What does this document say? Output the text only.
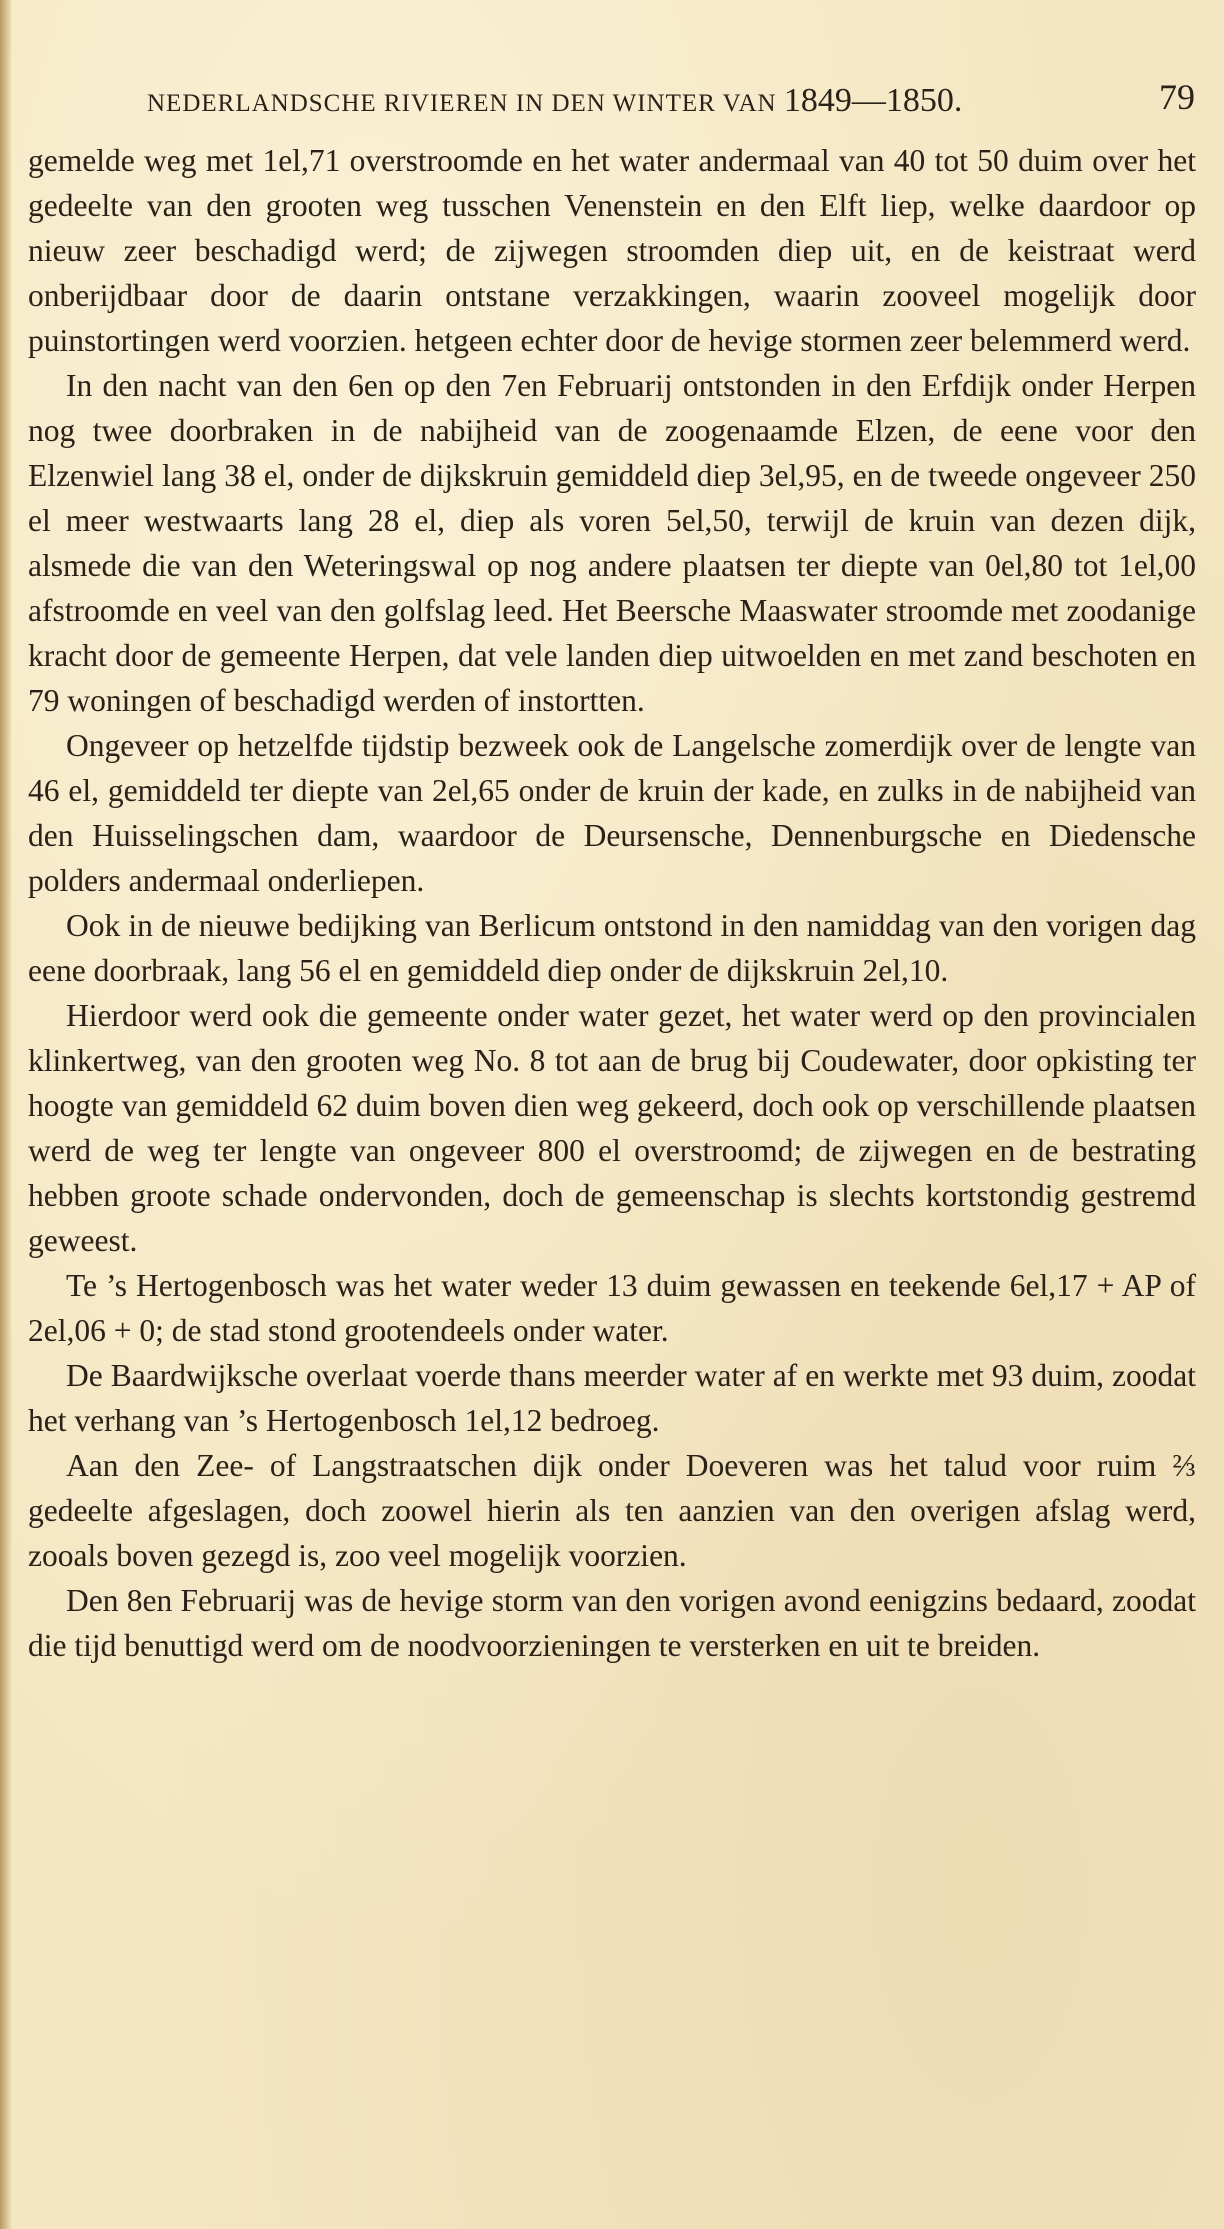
NEDERLANDSCHE RIVIEREN IN DEN WINTER VAN 1849—1850.	79

gemelde weg met 1el,71 overstroomde en het water andermaal van 40 tot 50 duim over het gedeelte van den grooten weg tusschen Venenstein en den Elft liep, welke daardoor op nieuw zeer beschadigd werd; de zijwegen stroomden diep uit, en de keistraat werd onberijdbaar door de daarin ontstane verzakkingen, waarin zooveel mogelijk door puinstortingen werd voorzien. hetgeen echter door de hevige stormen zeer belemmerd werd.

In den nacht van den 6en op den 7en Februarij ontstonden in den Erfdijk onder Herpen nog twee doorbraken in de nabijheid van de zoogenaamde Elzen, de eene voor den Elzenwiel lang 38 el, onder de dijkskruin gemiddeld diep 3el,95, en de tweede ongeveer 250 el meer westwaarts lang 28 el, diep als voren 5el,50, terwijl de kruin van dezen dijk, alsmede die van den Weteringswal op nog andere plaatsen ter diepte van 0el,80 tot 1el,00 afstroomde en veel van den golfslag leed. Het Beersche Maaswater stroomde met zoodanige kracht door de gemeente Herpen, dat vele landen diep uitwoelden en met zand beschoten en 79 woningen of beschadigd werden of instortten.

Ongeveer op hetzelfde tijdstip bezweek ook de Langelsche zomerdijk over de lengte van 46 el, gemiddeld ter diepte van 2el,65 onder de kruin der kade, en zulks in de nabijheid van den Huisselingschen dam, waardoor de Deursensche, Dennenburgsche en Diedensche polders andermaal onderliepen.

Ook in de nieuwe bedijking van Berlicum ontstond in den namiddag van den vorigen dag eene doorbraak, lang 56 el en gemiddeld diep onder de dijkskruin 2el,10.

Hierdoor werd ook die gemeente onder water gezet, het water werd op den provincialen klinkertweg, van den grooten weg No. 8 tot aan de brug bij Coudewater, door opkisting ter hoogte van gemiddeld 62 duim boven dien weg gekeerd, doch ook op verschillende plaatsen werd de weg ter lengte van ongeveer 800 el overstroomd; de zijwegen en de bestrating hebben groote schade ondervonden, doch de gemeenschap is slechts kortstondig gestremd geweest.

Te ’s Hertogenbosch was het water weder 13 duim gewassen en teekende 6el,17 + AP of 2el,06 + 0; de stad stond grootendeels onder water.

De Baardwijksche overlaat voerde thans meerder water af en werkte met 93 duim, zoodat het verhang van ’s Hertogenbosch 1el,12 bedroeg.

Aan den Zee- of Langstraatschen dijk onder Doeveren was het talud voor ruim ⅔ gedeelte afgeslagen, doch zoowel hierin als ten aanzien van den overigen afslag werd, zooals boven gezegd is, zoo veel mogelijk voorzien.

Den 8en Februarij was de hevige storm van den vorigen avond eenigzins bedaard, zoodat die tijd benuttigd werd om de noodvoorzieningen te versterken en uit te breiden.
